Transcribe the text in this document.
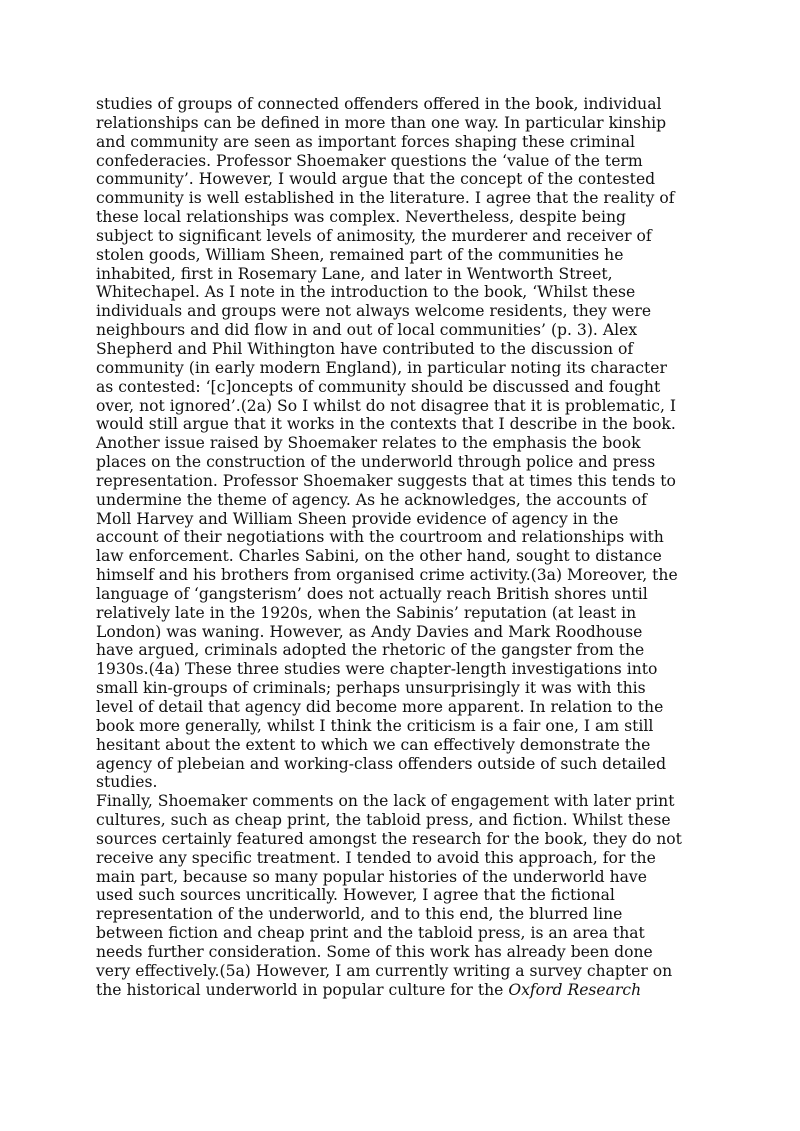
studies of groups of connected offenders offered in the book, individual
relationships can be defined in more than one way. In particular kinship
and community are seen as important forces shaping these criminal
confederacies. Professor Shoemaker questions the ‘value of the term
community’. However, I would argue that the concept of the contested
community is well established in the literature. I agree that the reality of
these local relationships was complex. Nevertheless, despite being
subject to significant levels of animosity, the murderer and receiver of
stolen goods, William Sheen, remained part of the communities he
inhabited, first in Rosemary Lane, and later in Wentworth Street,
Whitechapel. As I note in the introduction to the book, ‘Whilst these
individuals and groups were not always welcome residents, they were
neighbours and did flow in and out of local communities’ (p. 3). Alex
Shepherd and Phil Withington have contributed to the discussion of
community (in early modern England), in particular noting its character
as contested: ‘[c]oncepts of community should be discussed and fought
over, not ignored’.(2a) So I whilst do not disagree that it is problematic, I
would still argue that it works in the contexts that I describe in the book.
Another issue raised by Shoemaker relates to the emphasis the book
places on the construction of the underworld through police and press
representation. Professor Shoemaker suggests that at times this tends to
undermine the theme of agency. As he acknowledges, the accounts of
Moll Harvey and William Sheen provide evidence of agency in the
account of their negotiations with the courtroom and relationships with
law enforcement. Charles Sabini, on the other hand, sought to distance
himself and his brothers from organised crime activity.(3a) Moreover, the
language of ‘gangsterism’ does not actually reach British shores until
relatively late in the 1920s, when the Sabinis’ reputation (at least in
London) was waning. However, as Andy Davies and Mark Roodhouse
have argued, criminals adopted the rhetoric of the gangster from the
1930s.(4a) These three studies were chapter-length investigations into
small kin-groups of criminals; perhaps unsurprisingly it was with this
level of detail that agency did become more apparent. In relation to the
book more generally, whilst I think the criticism is a fair one, I am still
hesitant about the extent to which we can effectively demonstrate the
agency of plebeian and working-class offenders outside of such detailed
studies.
Finally, Shoemaker comments on the lack of engagement with later print
cultures, such as cheap print, the tabloid press, and fiction. Whilst these
sources certainly featured amongst the research for the book, they do not
receive any specific treatment. I tended to avoid this approach, for the
main part, because so many popular histories of the underworld have
used such sources uncritically. However, I agree that the fictional
representation of the underworld, and to this end, the blurred line
between fiction and cheap print and the tabloid press, is an area that
needs further consideration. Some of this work has already been done
very effectively.(5a) However, I am currently writing a survey chapter on
the historical underworld in popular culture for the Oxford Research
